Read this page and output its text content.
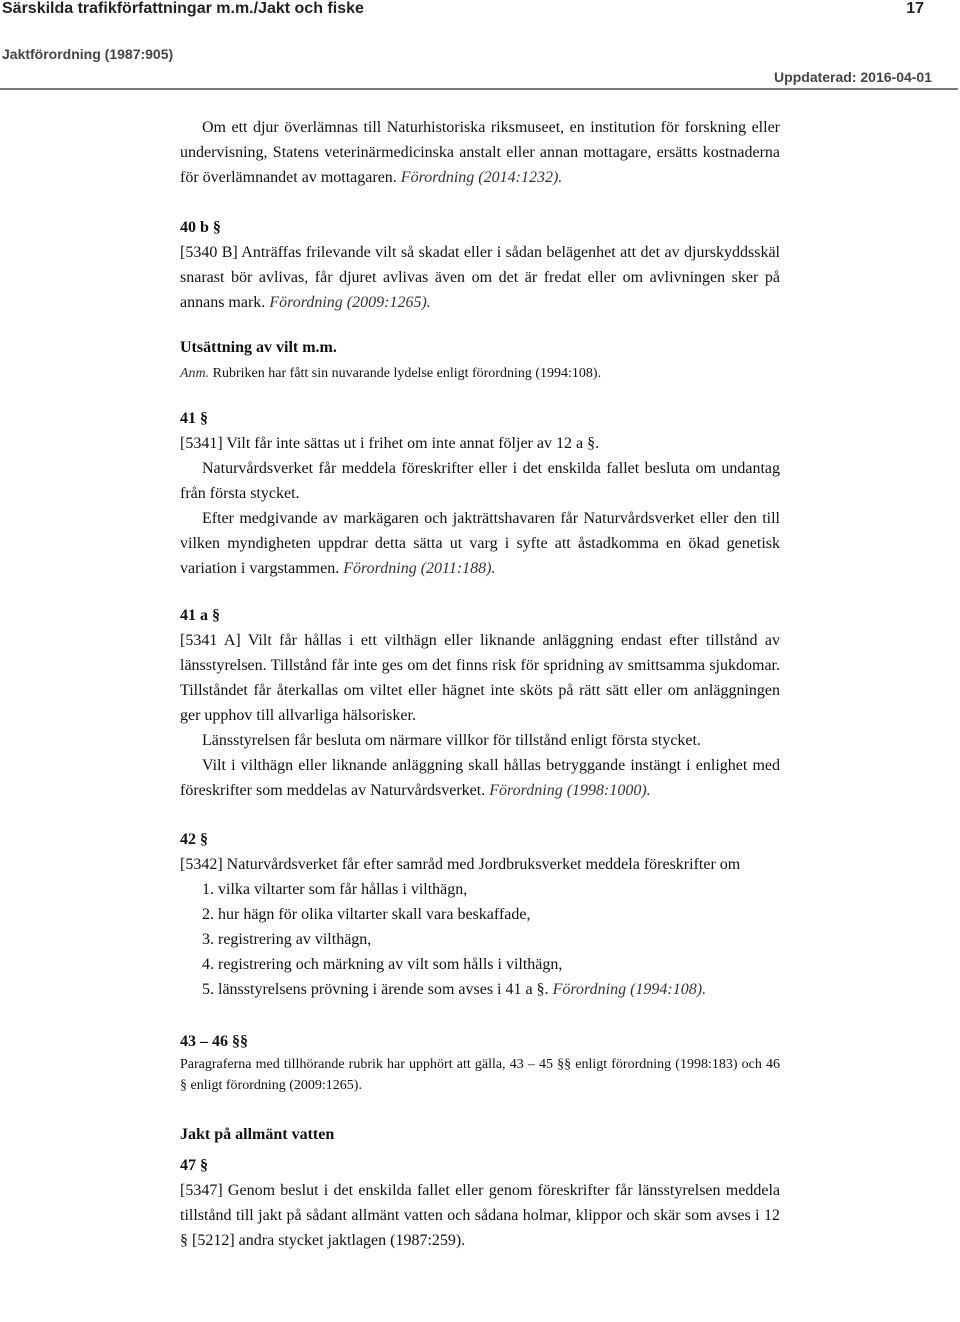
Särskilda trafikförfattningar m.m./Jakt och fiske	17
Jaktförordning (1987:905)
Uppdaterad: 2016-04-01

Om ett djur överlämnas till Naturhistoriska riksmuseet, en institution för forskning eller undervisning, Statens veterinärmedicinska anstalt eller annan mottagare, ersätts kostnaderna för överlämnandet av mottagaren. Förordning (2014:1232).

40 b §

[5340 B] Anträffas frilevande vilt så skadat eller i sådan belägenhet att det av djurskyddsskäl snarast bör avlivas, får djuret avlivas även om det är fredat eller om avlivningen sker på annans mark. Förordning (2009:1265).

Utsättning av vilt m.m.

Anm. Rubriken har fått sin nuvarande lydelse enligt förordning (1994:108).

41 §

[5341] Vilt får inte sättas ut i frihet om inte annat följer av 12 a §.

Naturvårdsverket får meddela föreskrifter eller i det enskilda fallet besluta om undantag från första stycket.

Efter medgivande av markägaren och jakträttshavaren får Naturvårdsverket eller den till vilken myndigheten uppdrar detta sätta ut varg i syfte att åstadkomma en ökad genetisk variation i vargstammen. Förordning (2011:188).

41 a §

[5341 A] Vilt får hållas i ett vilthägn eller liknande anläggning endast efter tillstånd av länsstyrelsen. Tillstånd får inte ges om det finns risk för spridning av smittsamma sjukdomar. Tillståndet får återkallas om viltet eller hägnet inte sköts på rätt sätt eller om anläggningen ger upphov till allvarliga hälsorisker.

Länsstyrelsen får besluta om närmare villkor för tillstånd enligt första stycket.

Vilt i vilthägn eller liknande anläggning skall hållas betryggande instängt i enlighet med föreskrifter som meddelas av Naturvårdsverket. Förordning (1998:1000).

42 §

[5342] Naturvårdsverket får efter samråd med Jordbruksverket meddela föreskrifter om

1. vilka viltarter som får hållas i vilthägn,
2. hur hägn för olika viltarter skall vara beskaffade,
3. registrering av vilthägn,
4. registrering och märkning av vilt som hålls i vilthägn,
5. länsstyrelsens prövning i ärende som avses i 41 a §. Förordning (1994:108).

43 – 46 §§

Paragraferna med tillhörande rubrik har upphört att gälla, 43 – 45 §§ enligt förordning (1998:183) och 46 § enligt förordning (2009:1265).

Jakt på allmänt vatten

47 §

[5347] Genom beslut i det enskilda fallet eller genom föreskrifter får länsstyrelsen meddela tillstånd till jakt på sådant allmänt vatten och sådana holmar, klippor och skär som avses i 12 § [5212] andra stycket jaktlagen (1987:259).
